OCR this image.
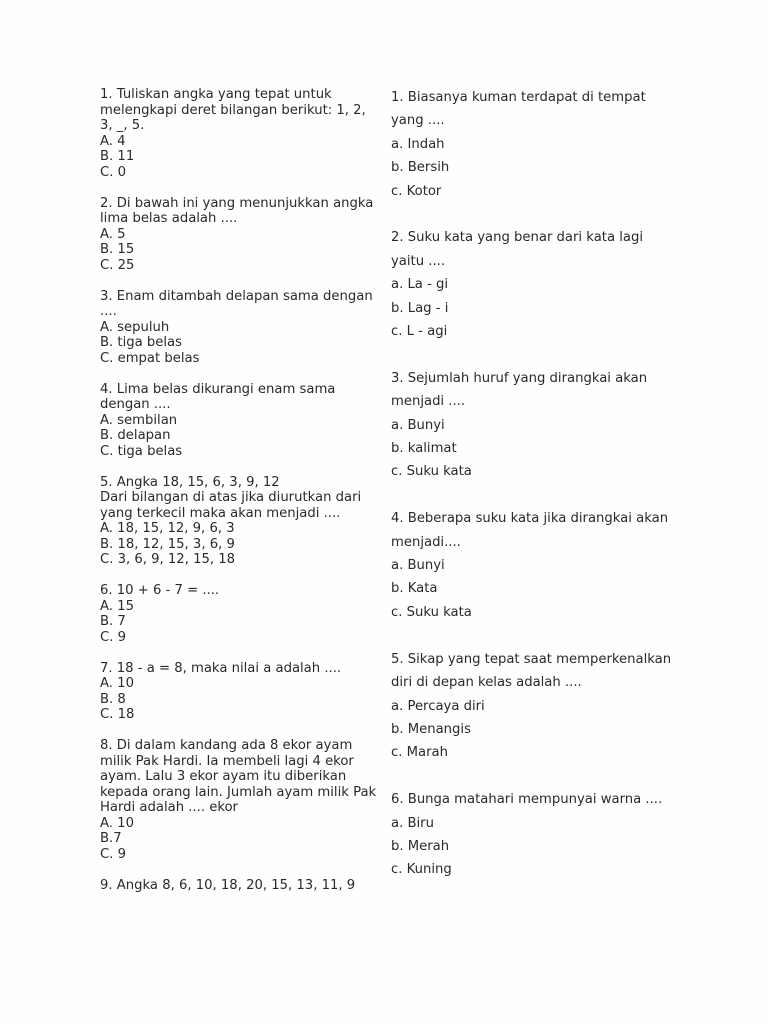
1. Tuliskan angka yang tepat untuk melengkapi deret bilangan berikut: 1, 2, 3, _, 5.
A. 4
B. 11
C. 0
2. Di bawah ini yang menunjukkan angka lima belas adalah ....
A. 5
B. 15
C. 25
3. Enam ditambah delapan sama dengan ....
A. sepuluh
B. tiga belas
C. empat belas
4. Lima belas dikurangi enam sama dengan ....
A. sembilan
B. delapan
C. tiga belas
5. Angka 18, 15, 6, 3, 9, 12
Dari bilangan di atas jika diurutkan dari yang terkecil maka akan menjadi ....
A. 18, 15, 12, 9, 6, 3
B. 18, 12, 15, 3, 6, 9
C. 3, 6, 9, 12, 15, 18
6. 10 + 6 - 7 = ....
A. 15
B. 7
C. 9
7. 18 - a = 8, maka nilai a adalah ....
A. 10
B. 8
C. 18
8. Di dalam kandang ada 8 ekor ayam milik Pak Hardi. Ia membeli lagi 4 ekor ayam. Lalu 3 ekor ayam itu diberikan kepada orang lain. Jumlah ayam milik Pak Hardi adalah .... ekor
A. 10
B.7
C. 9
9. Angka 8, 6, 10, 18, 20, 15, 13, 11, 9
1. Biasanya kuman terdapat di tempat yang ....
a. Indah
b. Bersih
c. Kotor
2. Suku kata yang benar dari kata lagi yaitu ....
a. La - gi
b. Lag - i
c. L - agi
3. Sejumlah huruf yang dirangkai akan menjadi ....
a. Bunyi
b. kalimat
c. Suku kata
4. Beberapa suku kata jika dirangkai akan menjadi....
a. Bunyi
b. Kata
c. Suku kata
5. Sikap yang tepat saat memperkenalkan diri di depan kelas adalah ....
a. Percaya diri
b. Menangis
c. Marah
6. Bunga matahari mempunyai warna ....
a. Biru
b. Merah
c. Kuning
